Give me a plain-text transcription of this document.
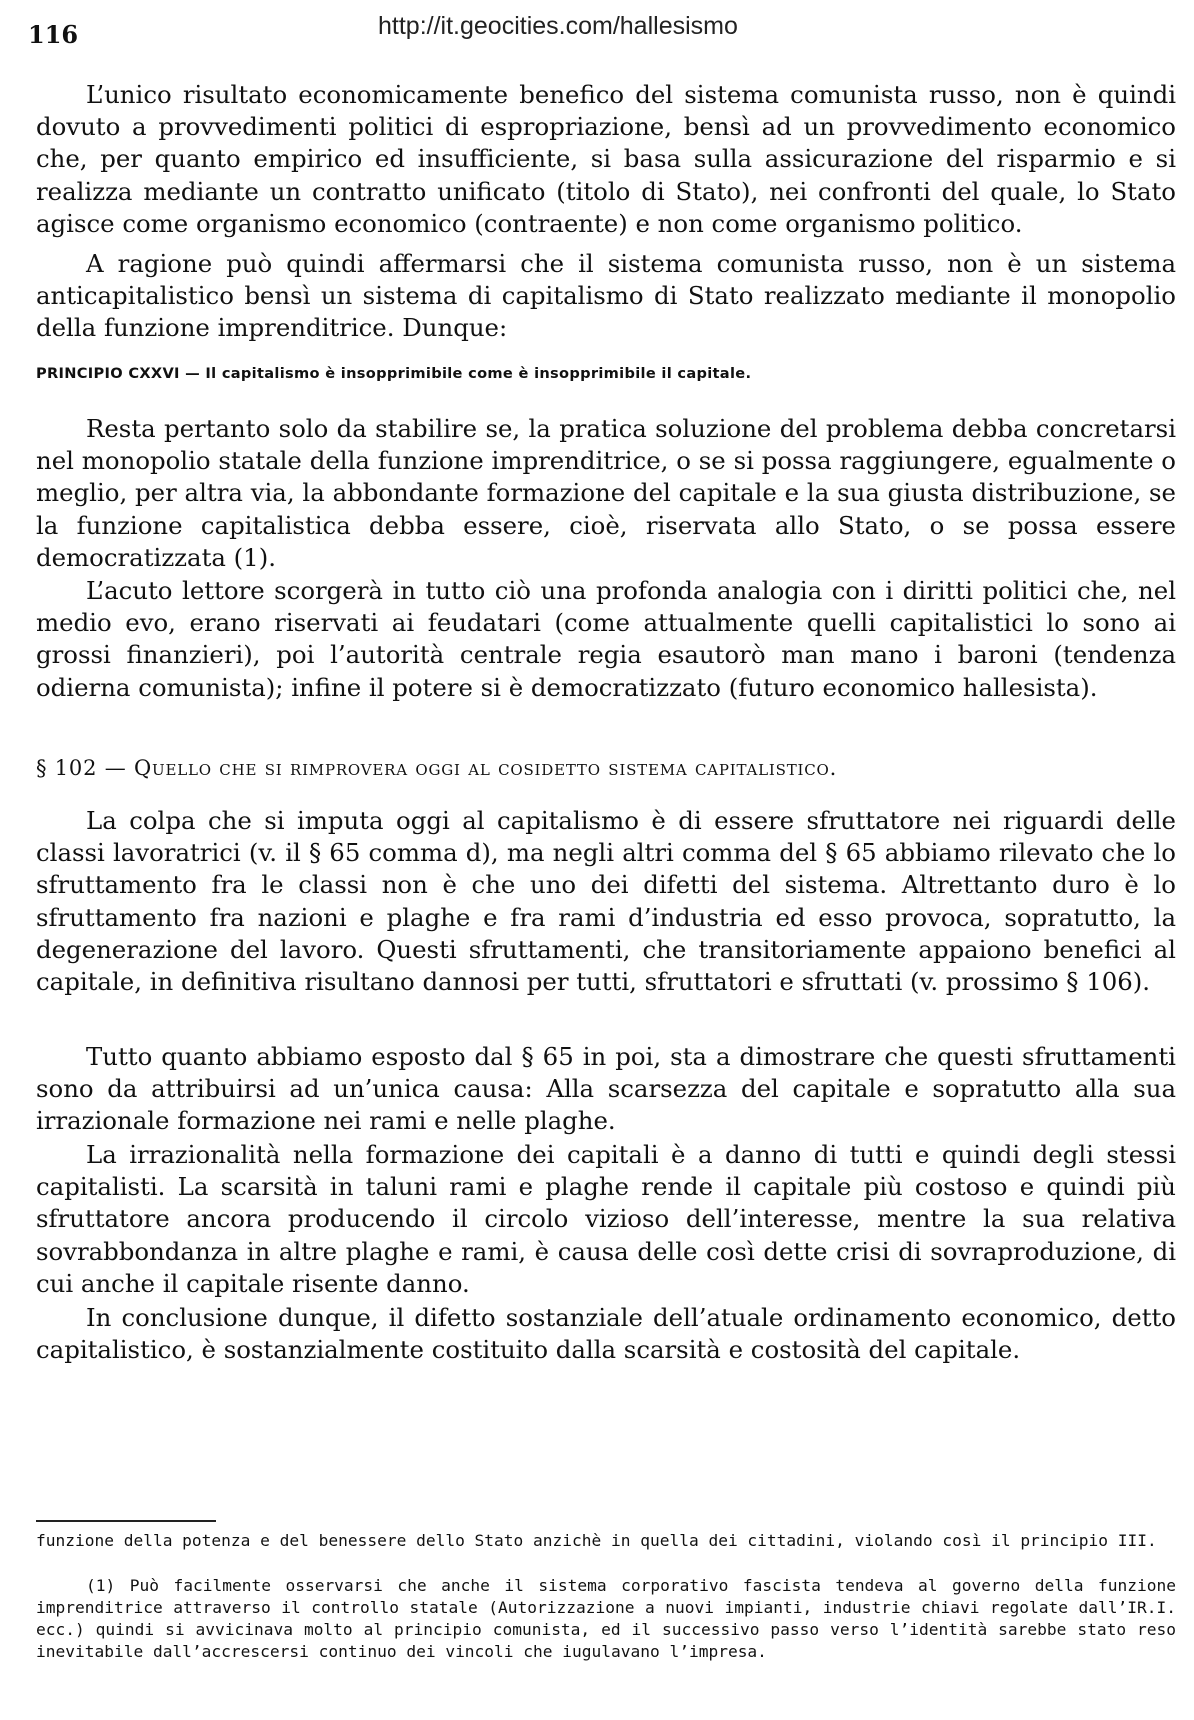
116	http://it.geocities.com/hallesismo

L’unico risultato economicamente benefico del sistema comunista russo, non è quindi dovuto a provvedimenti politici di espropriazione, bensì ad un provvedimento economico che, per quanto empirico ed insufficiente, si basa sulla assicurazione del risparmio e si realizza mediante un contratto unificato (titolo di Stato), nei confronti del quale, lo Stato agisce come organismo economico (contraente) e non come organismo politico.

A ragione può quindi affermarsi che il sistema comunista russo, non è un sistema anticapitalistico bensì un sistema di capitalismo di Stato realizzato mediante il monopolio della funzione imprenditrice. Dunque:

PRINCIPIO CXXVI — Il capitalismo è insopprimibile come è insopprimibile il capitale.

Resta pertanto solo da stabilire se, la pratica soluzione del problema debba concretarsi nel monopolio statale della funzione imprenditrice, o se si possa raggiungere, egualmente o meglio, per altra via, la abbondante formazione del capitale e la sua giusta distribuzione, se la funzione capitalistica debba essere, cioè, riservata allo Stato, o se possa essere democratizzata (1).

L’acuto lettore scorgerà in tutto ciò una profonda analogia con i diritti politici che, nel medio evo, erano riservati ai feudatari (come attualmente quelli capitalistici lo sono ai grossi finanzieri), poi l’autorità centrale regia esautorò man mano i baroni (tendenza odierna comunista); infine il potere si è democratizzato (futuro economico hallesista).

§ 102 — Quello che si rimprovera oggi al cosidetto sistema capitalistico.

La colpa che si imputa oggi al capitalismo è di essere sfruttatore nei riguardi delle classi lavoratrici (v. il § 65 comma d), ma negli altri comma del § 65 abbiamo rilevato che lo sfruttamento fra le classi non è che uno dei difetti del sistema. Altrettanto duro è lo sfruttamento fra nazioni e plaghe e fra rami d’industria ed esso provoca, sopratutto, la degenerazione del lavoro. Questi sfruttamenti, che transitoriamente appaiono benefici al capitale, in definitiva risultano dannosi per tutti, sfruttatori e sfruttati (v. prossimo § 106).

Tutto quanto abbiamo esposto dal § 65 in poi, sta a dimostrare che questi sfruttamenti sono da attribuirsi ad un’unica causa: Alla scarsezza del capitale e sopratutto alla sua irrazionale formazione nei rami e nelle plaghe.

La irrazionalità nella formazione dei capitali è a danno di tutti e quindi degli stessi capitalisti. La scarsità in taluni rami e plaghe rende il capitale più costoso e quindi più sfruttatore ancora producendo il circolo vizioso dell’interesse, mentre la sua relativa sovrabbondanza in altre plaghe e rami, è causa delle così dette crisi di sovraproduzione, di cui anche il capitale risente danno.

In conclusione dunque, il difetto sostanziale dell’atuale ordinamento economico, detto capitalistico, è sostanzialmente costituito dalla scarsità e costosità del capitale.

funzione della potenza e del benessere dello Stato anzichè in quella dei cittadini, violando così il principio III.

(1) Può facilmente osservarsi che anche il sistema corporativo fascista tendeva al governo della funzione imprenditrice attraverso il controllo statale (Autorizzazione a nuovi impianti, industrie chiavi regolate dall’IR.I. ecc.) quindi si avvicinava molto al principio comunista, ed il successivo passo verso l’identità sarebbe stato reso inevitabile dall’accrescersi continuo dei vincoli che iugulavano l’impresa.
